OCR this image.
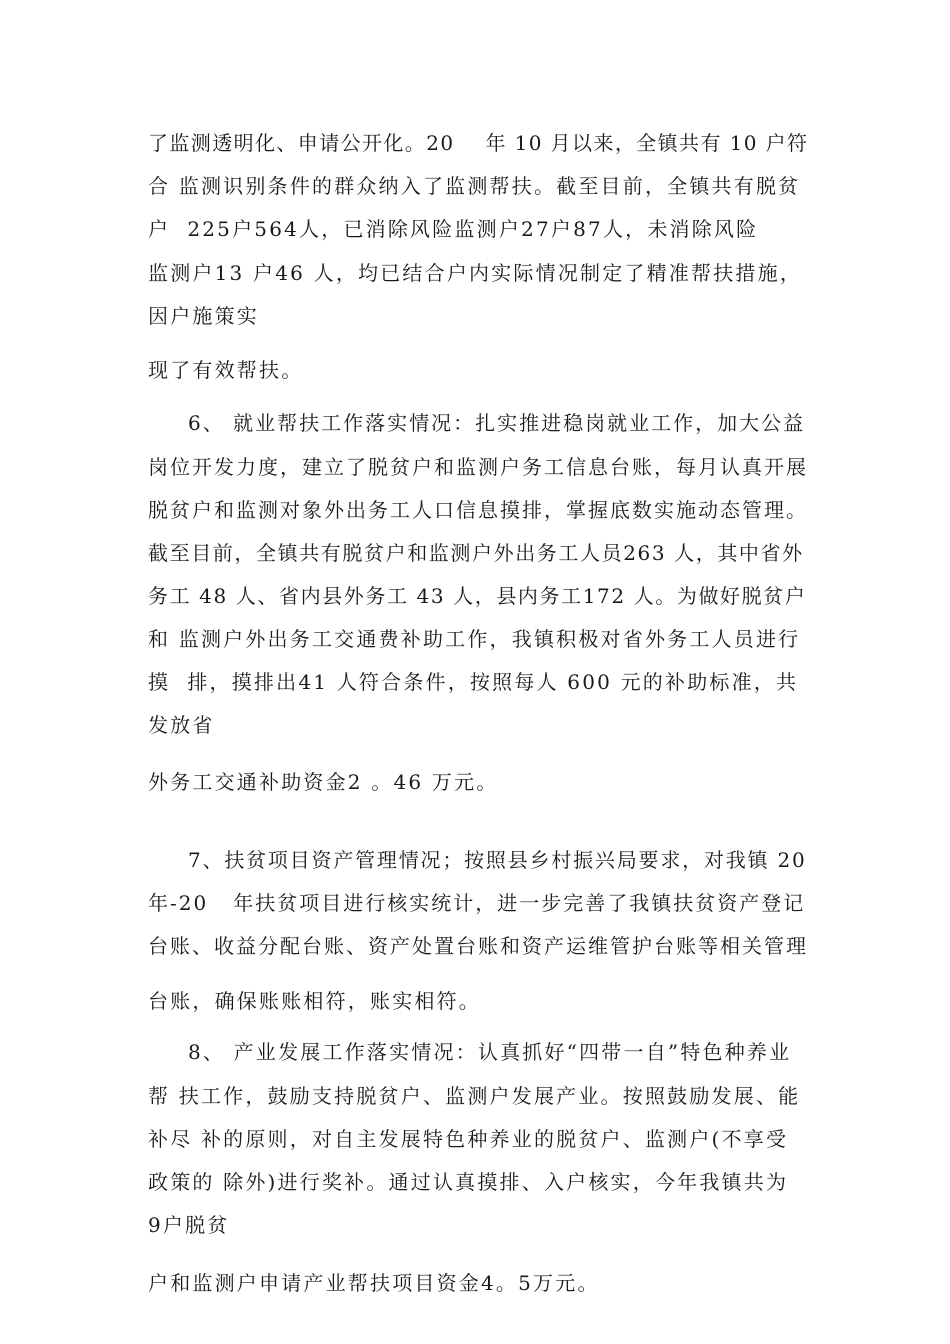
了监测透明化、申请公开化。20    年 10 月以来，全镇共有 10 户符
合 监测识别条件的群众纳入了监测帮扶。截至目前，全镇共有脱贫
户  225户564人，已消除风险监测户27户87人，未消除风险
监测户13 户46 人，均已结合户内实际情况制定了精准帮扶措施，
因户施策实
现了有效帮扶。
6、 就业帮扶工作落实情况：扎实推进稳岗就业工作，加大公益
岗位开发力度，建立了脱贫户和监测户务工信息台账，每月认真开展
脱贫户和监测对象外出务工人口信息摸排，掌握底数实施动态管理。
截至目前，全镇共有脱贫户和监测户外出务工人员263 人，其中省外
务工 48 人、省内县外务工 43 人，县内务工172 人。为做好脱贫户
和 监测户外出务工交通费补助工作，我镇积极对省外务工人员进行
摸  排，摸排出41 人符合条件，按照每人 600 元的补助标准，共
发放省
外务工交通补助资金2 。46 万元。
7、扶贫项目资产管理情况；按照县乡村振兴局要求，对我镇 20
年-20   年扶贫项目进行核实统计，进一步完善了我镇扶贫资产登记
台账、收益分配台账、资产处置台账和资产运维管护台账等相关管理
台账，确保账账相符，账实相符。
8、 产业发展工作落实情况：认真抓好“四带一自”特色种养业
帮 扶工作，鼓励支持脱贫户、监测户发展产业。按照鼓励发展、能
补尽 补的原则，对自主发展特色种养业的脱贫户、监测户(不享受
政策的 除外)进行奖补。通过认真摸排、入户核实，今年我镇共为
9户脱贫
户和监测户申请产业帮扶项目资金4。5万元。
